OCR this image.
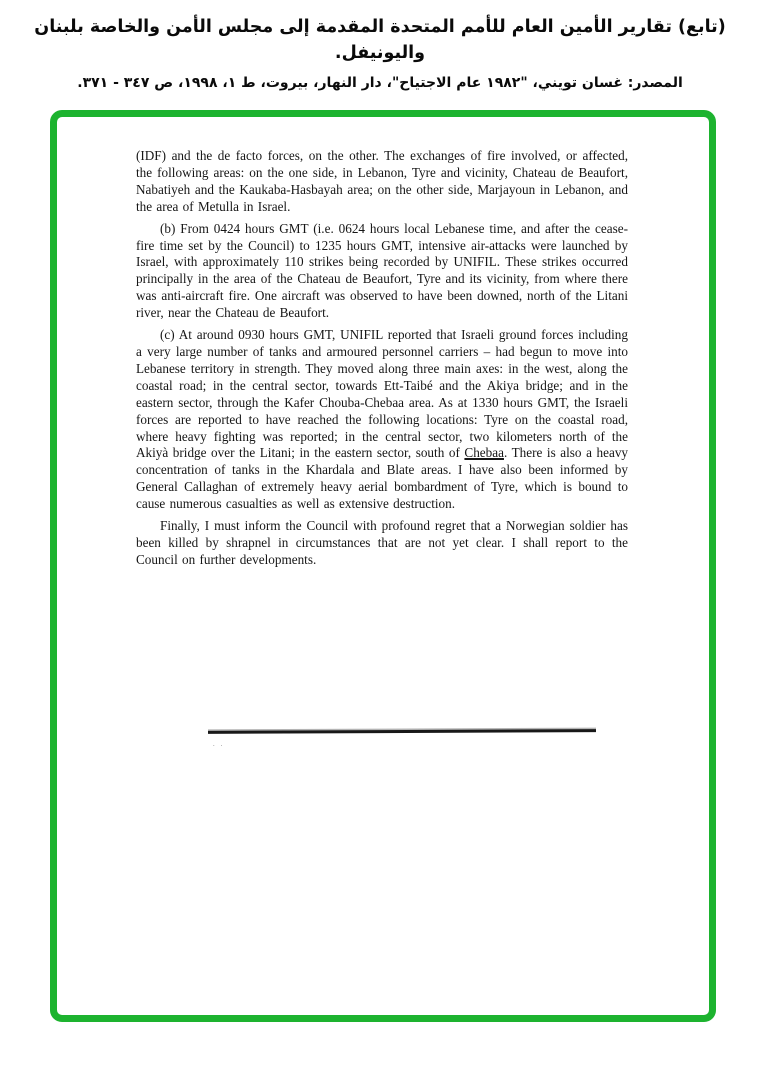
(تابع) تقارير الأمين العام للأمم المتحدة المقدمة إلى مجلس الأمن والخاصة بلبنان واليونيفل.
المصدر: غسان تويني، "١٩٨٢ عام الاجتياح"، دار النهار، بيروت، ط ١، ١٩٩٨، ص ٣٤٧ - ٣٧١.

(IDF) and the de facto forces, on the other. The exchanges of fire involved, or affected, the following areas: on the one side, in Lebanon, Tyre and vicinity, Chateau de Beaufort, Nabatiyeh and the Kaukaba-Hasbayah area; on the other side, Marjayoun in Lebanon, and the area of Metulla in Israel.

(b) From 0424 hours GMT (i.e. 0624 hours local Lebanese time, and after the cease-fire time set by the Council) to 1235 hours GMT, intensive air-attacks were launched by Israel, with approximately 110 strikes being recorded by UNIFIL. These strikes occurred principally in the area of the Chateau de Beaufort, Tyre and its vicinity, from where there was anti-aircraft fire. One aircraft was observed to have been downed, north of the Litani river, near the Chateau de Beaufort.

(c) At around 0930 hours GMT, UNIFIL reported that Israeli ground forces including a very large number of tanks and armoured personnel carriers – had begun to move into Lebanese territory in strength. They moved along three main axes: in the west, along the coastal road; in the central sector, towards Ett-Taibé and the Akiya bridge; and in the eastern sector, through the Kafer Chouba-Chebaa area. As at 1330 hours GMT, the Israeli forces are reported to have reached the following locations: Tyre on the coastal road, where heavy fighting was reported; in the central sector, two kilometers north of the Akiyà bridge over the Litani; in the eastern sector, south of Chebaa. There is also a heavy concentration of tanks in the Khardala and Blate areas. I have also been informed by General Callaghan of extremely heavy aerial bombardment of Tyre, which is bound to cause numerous casualties as well as extensive destruction.

Finally, I must inform the Council with profound regret that a Norwegian soldier has been killed by shrapnel in circumstances that are not yet clear. I shall report to the Council on further developments.
